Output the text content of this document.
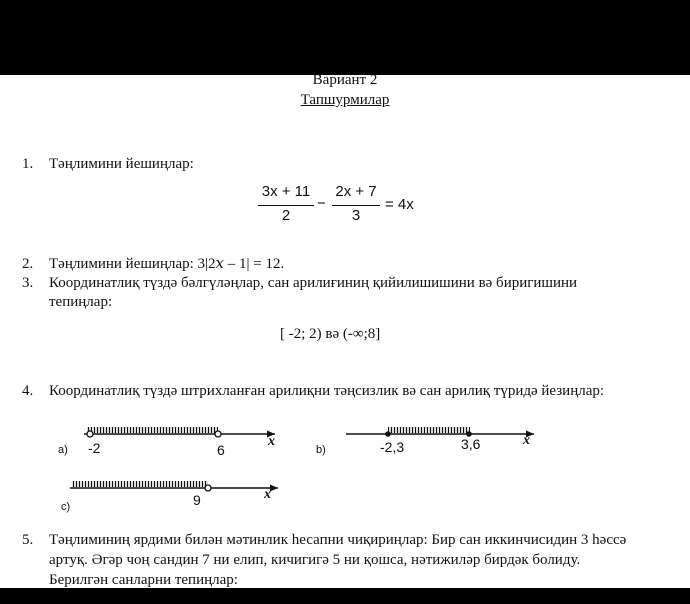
Вариант 2
Тапшурмилар
1. Тәңлимини йешиңлар:
3x + 11
2
−
2x + 7
3
= 4x
2. Тәңлимини йешиңлар: 3|2𝑥 – 1| = 12.
3. Координатлиқ түздә бәлгүләңлар, сан арилиғиниң қийилишишини вә биригишини
тепиңлар:
[ -2; 2) вә (-∞;8]
4. Координатлиқ түздә штрихланған арилиқни тәңсизлик вә сан арилиқ түридә йезиңлар:
a) -2	6
x
b)	-2,3	3,6	x
c)	9	x
5. Тәңлиминиң ярдими билән мәтинлик һесапни чиқириңлар: Бир сан иккинчисидин 3 һәссә
артуқ. Әгәр чоң сандин 7 ни елип, кичигигә 5 ни қошса, нәтижиләр бирдәк болиду.
Берилгән санларни тепиңлар:
